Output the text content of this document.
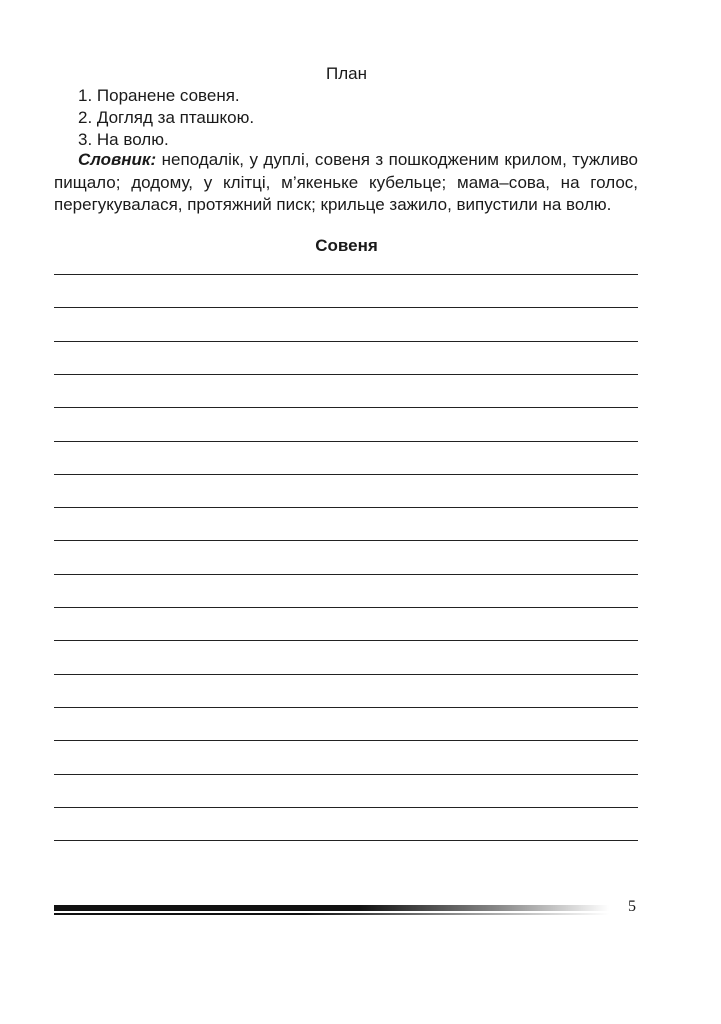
План
1. Поранене совеня.
2. Догляд за пташкою.
3. На волю.

Словник: неподалік, у дуплі, совеня з пошкодженим крилом, тужливо пищало; додому, у клітці, м’якеньке кубельце; мама–сова, на голос, перегукувалася, протяжний писк; крильце зажило, випустили на волю.

Совеня
5
